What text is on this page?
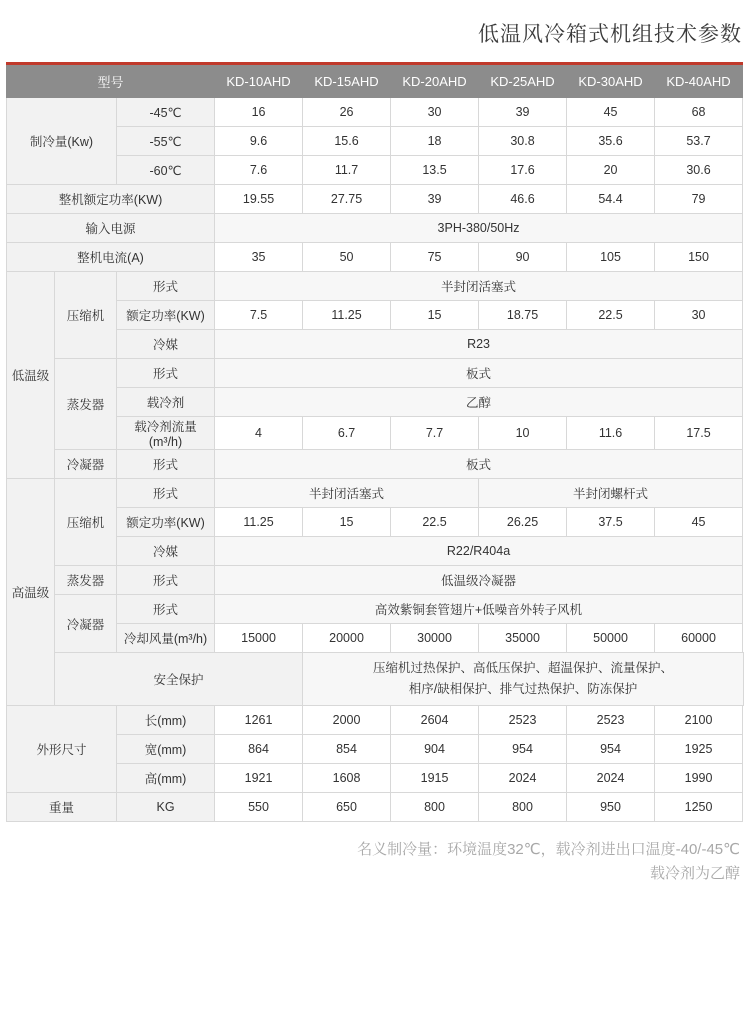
低温风冷箱式机组技术参数
型号			KD-10AHD	KD-15AHD	KD-20AHD	KD-25AHD	KD-30AHD	KD-40AHD
制冷量(Kw)		-45℃	16	26	30	39	45	68
		-55℃	9.6	15.6	18	30.8	35.6	53.7
		-60℃	7.6	11.7	13.5	17.6	20	30.6
整机额定功率(KW)			19.55	27.75	39	46.6	54.4	79
输入电源			3PH-380/50Hz					
整机电流(A)			35	50	75	90	105	150
低温级	压缩机	形式	半封闭活塞式					
		额定功率(KW)	7.5	11.25	15	18.75	22.5	30
		冷媒	R23					
	蒸发器	形式	板式					
		载冷剂	乙醇					
		载冷剂流量(m³/h)	4	6.7	7.7	10	11.6	17.5
	冷凝器	形式	板式					
高温级	压缩机	形式	半封闭活塞式			半封闭螺杆式		
		额定功率(KW)	11.25	15	22.5	26.25	37.5	45
		冷媒	R22/R404a					
	蒸发器	形式	低温级冷凝器					
	冷凝器	形式	高效紫铜套管翅片+低噪音外转子风机					
		冷却风量(m³/h)	15000	20000	30000	35000	50000	60000
	安全保护			压缩机过热保护、高低压保护、超温保护、流量保护、
相序/缺相保护、排气过热保护、防冻保护				

外形尺寸		长(mm)	1261	2000	2604	2523	2523	2100
		宽(mm)	864	854	904	954	954	1925
		高(mm)	1921	1608	1915	2024	2024	1990
重量		KG	550	650	800	800	950	1250
名义制冷量：环境温度32℃，载冷剂进出口温度-40/-45℃
载冷剂为乙醇
